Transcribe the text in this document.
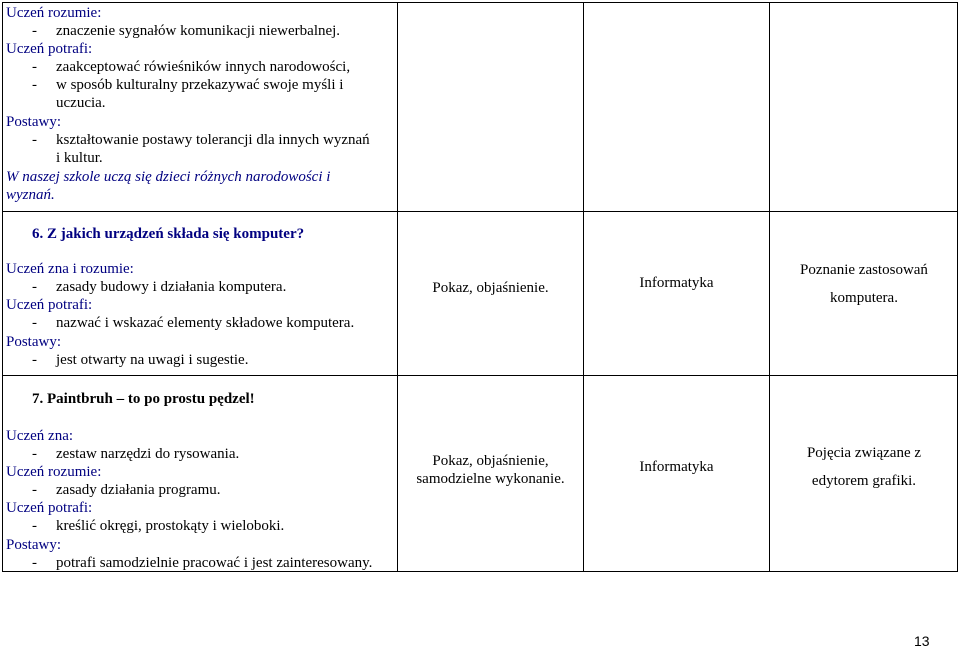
Uczeń rozumie:
- znaczenie sygnałów komunikacji niewerbalnej.
Uczeń potrafi:
- zaakceptować rówieśników innych narodowości,
- w sposób kulturalny przekazywać swoje myśli i
uczucia.
Postawy:
- kształtowanie postawy tolerancji dla innych wyznań
i kultur.
W naszej szkole uczą się dzieci różnych narodowości i
wyznań.
6. Z jakich urządzeń składa się komputer?
Uczeń zna i rozumie:
- zasady budowy i działania komputera.
Uczeń potrafi:
- nazwać i wskazać elementy składowe komputera.
Postawy:
- jest otwarty na uwagi i sugestie.
Pokaz, objaśnienie.	Informatyka
Poznanie zastosowań
komputera.
7. Paintbruh – to po prostu pędzel!
Uczeń zna:
- zestaw narzędzi do rysowania.
Uczeń rozumie:
- zasady działania programu.
Uczeń potrafi:
- kreślić okręgi, prostokąty i wieloboki.
Postawy:
- potrafi samodzielnie pracować i jest zainteresowany.
Pokaz, objaśnienie,
samodzielne wykonanie.
Informatyka
Pojęcia związane z
edytorem grafiki.
13
